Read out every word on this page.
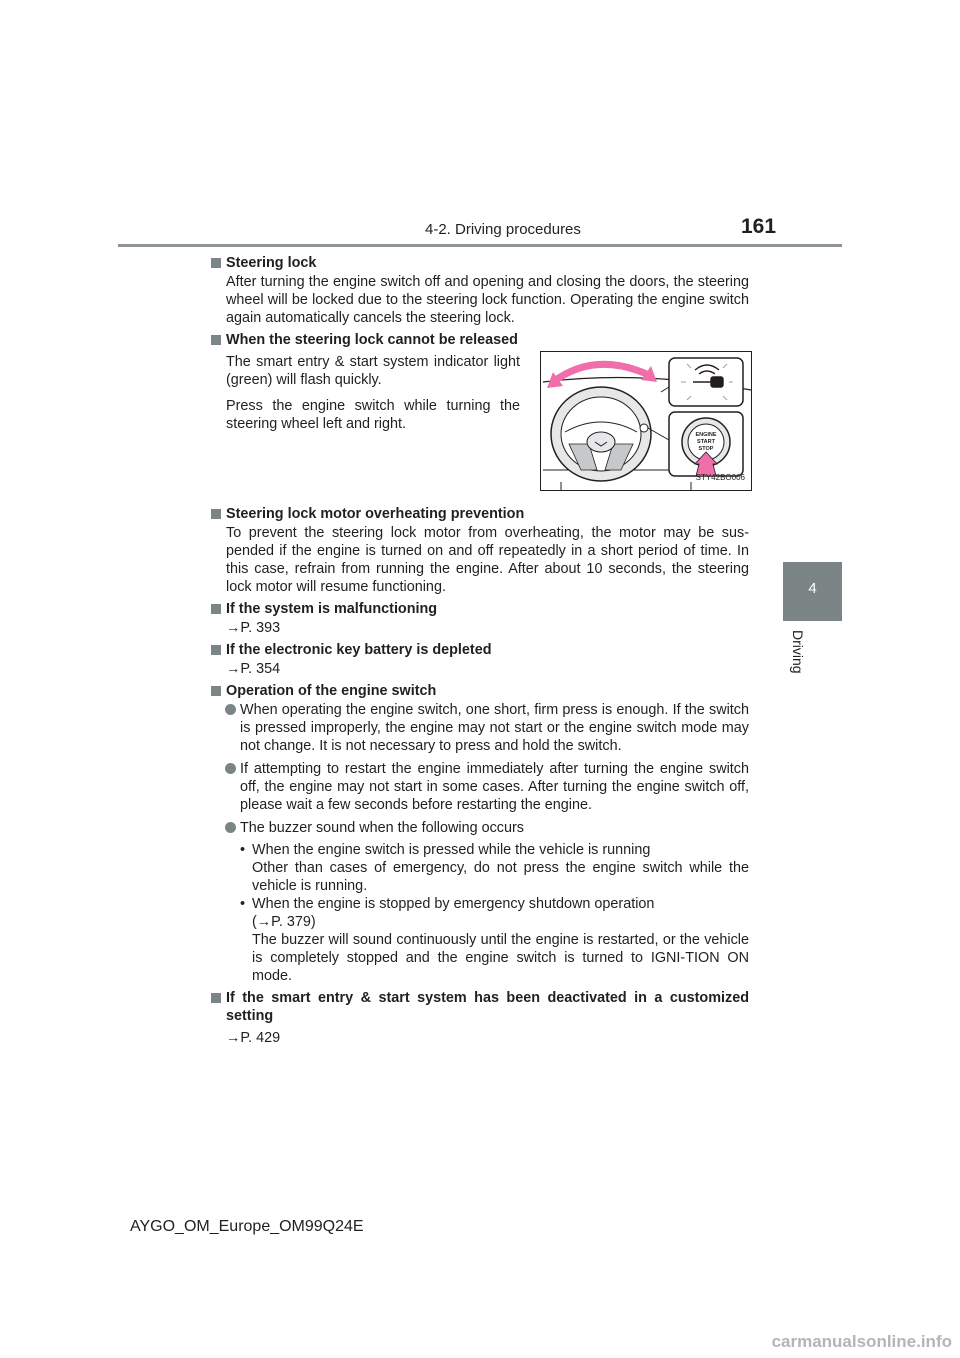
4-2. Driving procedures	161
4
Driving
Steering lock
After turning the engine switch off and opening and closing the doors, the steering wheel will be locked due to the steering lock function. Operating the engine switch again automatically cancels the steering lock.
When the steering lock cannot be released

The smart entry & start system indicator light (green) will flash quickly.

Press the engine switch while turning the steering wheel left and right.

ENGINE
START
STOP
STY42BO006
Steering lock motor overheating prevention
To prevent the steering lock motor from overheating, the motor may be sus-pended if the engine is turned on and off repeatedly in a short period of time. In this case, refrain from running the engine. After about 10 seconds, the steering lock motor will resume functioning.
If the system is malfunctioning
→P. 393
If the electronic key battery is depleted
→P. 354
Operation of the engine switch
When operating the engine switch, one short, firm press is enough. If the switch is pressed improperly, the engine may not start or the engine switch mode may not change. It is not necessary to press and hold the switch.
If attempting to restart the engine immediately after turning the engine switch off, the engine may not start in some cases. After turning the engine switch off, please wait a few seconds before restarting the engine.
The buzzer sound when the following occurs
• When the engine switch is pressed while the vehicle is running
Other than cases of emergency, do not press the engine switch while the vehicle is running.
• When the engine is stopped by emergency shutdown operation
(→P. 379)
The buzzer will sound continuously until the engine is restarted, or the vehicle is completely stopped and the engine switch is turned to IGNI-TION ON mode.
If the smart entry & start system has been deactivated in a customized setting
→P. 429
AYGO_OM_Europe_OM99Q24E
carmanualsonline.info
